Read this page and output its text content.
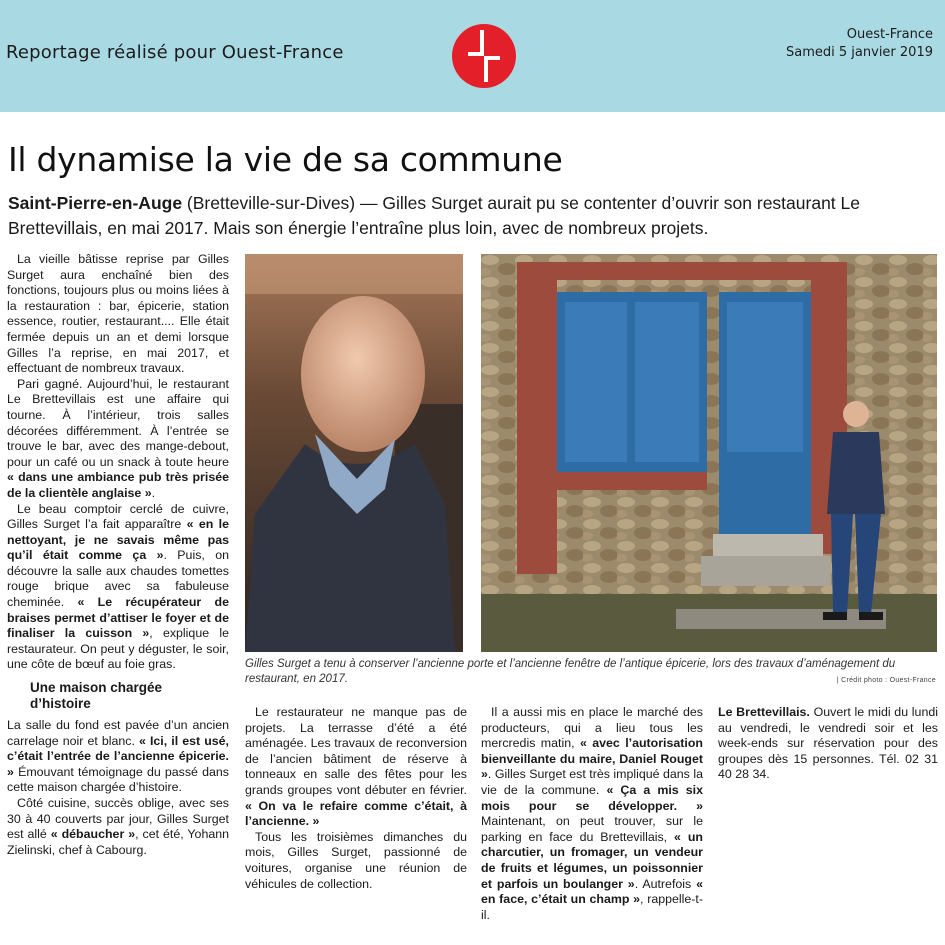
Reportage réalisé pour Ouest-France
Ouest-France
Samedi 5 janvier 2019
Il dynamise la vie de sa commune
Saint-Pierre-en-Auge (Bretteville-sur-Dives) — Gilles Surget aurait pu se contenter d’ouvrir son restaurant Le Brettevillais, en mai 2017. Mais son énergie l’entraîne plus loin, avec de nombreux projets.

La vieille bâtisse reprise par Gilles Surget aura enchaîné bien des fonctions, toujours plus ou moins liées à la restauration : bar, épicerie, station essence, routier, restaurant.... Elle était fermée depuis un an et demi lorsque Gilles l’a reprise, en mai 2017, et effectuant de nombreux travaux.

Pari gagné. Aujourd’hui, le restaurant Le Brettevillais est une affaire qui tourne. À l’intérieur, trois salles décorées différemment. À l’entrée se trouve le bar, avec des mange-debout, pour un café ou un snack à toute heure « dans une ambiance pub très prisée de la clientèle anglaise ».

Le beau comptoir cerclé de cuivre, Gilles Surget l’a fait apparaître « en le nettoyant, je ne savais même pas qu’il était comme ça ». Puis, on découvre la salle aux chaudes tomettes rouge brique avec sa fabuleuse cheminée. « Le récupérateur de braises permet d’attiser le foyer et de finaliser la cuisson », explique le restaurateur. On peut y déguster, le soir, une côte de bœuf au foie gras.

Une maison chargée d’histoire

La salle du fond est pavée d’un ancien carrelage noir et blanc. « Ici, il est usé, c’était l’entrée de l’ancienne épicerie. » Émouvant témoignage du passé dans cette maison chargée d’histoire.

Côté cuisine, succès oblige, avec ses 30 à 40 couverts par jour, Gilles Surget est allé « débaucher », cet été, Yohann Zielinski, chef à Cabourg.

Gilles Surget a tenu à conserver l’ancienne porte et l’ancienne fenêtre de l’antique épicerie, lors des travaux d’aménagement du restaurant, en 2017.	| Crédit photo : Ouest-France

Le restaurateur ne manque pas de projets. La terrasse d’été a été aménagée. Les travaux de reconversion de l’ancien bâtiment de réserve à tonneaux en salle des fêtes pour les grands groupes vont débuter en février. « On va le refaire comme c’était, à l’ancienne. »

Tous les troisièmes dimanches du mois, Gilles Surget, passionné de voitures, organise une réunion de véhicules de collection.

Il a aussi mis en place le marché des producteurs, qui a lieu tous les mercredis matin, « avec l’autorisation bienveillante du maire, Daniel Rouget ». Gilles Surget est très impliqué dans la vie de la commune. « Ça a mis six mois pour se développer. » Maintenant, on peut trouver, sur le parking en face du Brettevillais, « un charcutier, un fromager, un vendeur de fruits et légumes, un poissonnier et parfois un boulanger ». Autrefois « en face, c’était un champ », rappelle-t-il.

Le Brettevillais. Ouvert le midi du lundi au vendredi, le vendredi soir et les week-ends sur réservation pour des groupes dès 15 personnes. Tél. 02 31 40 28 34.
